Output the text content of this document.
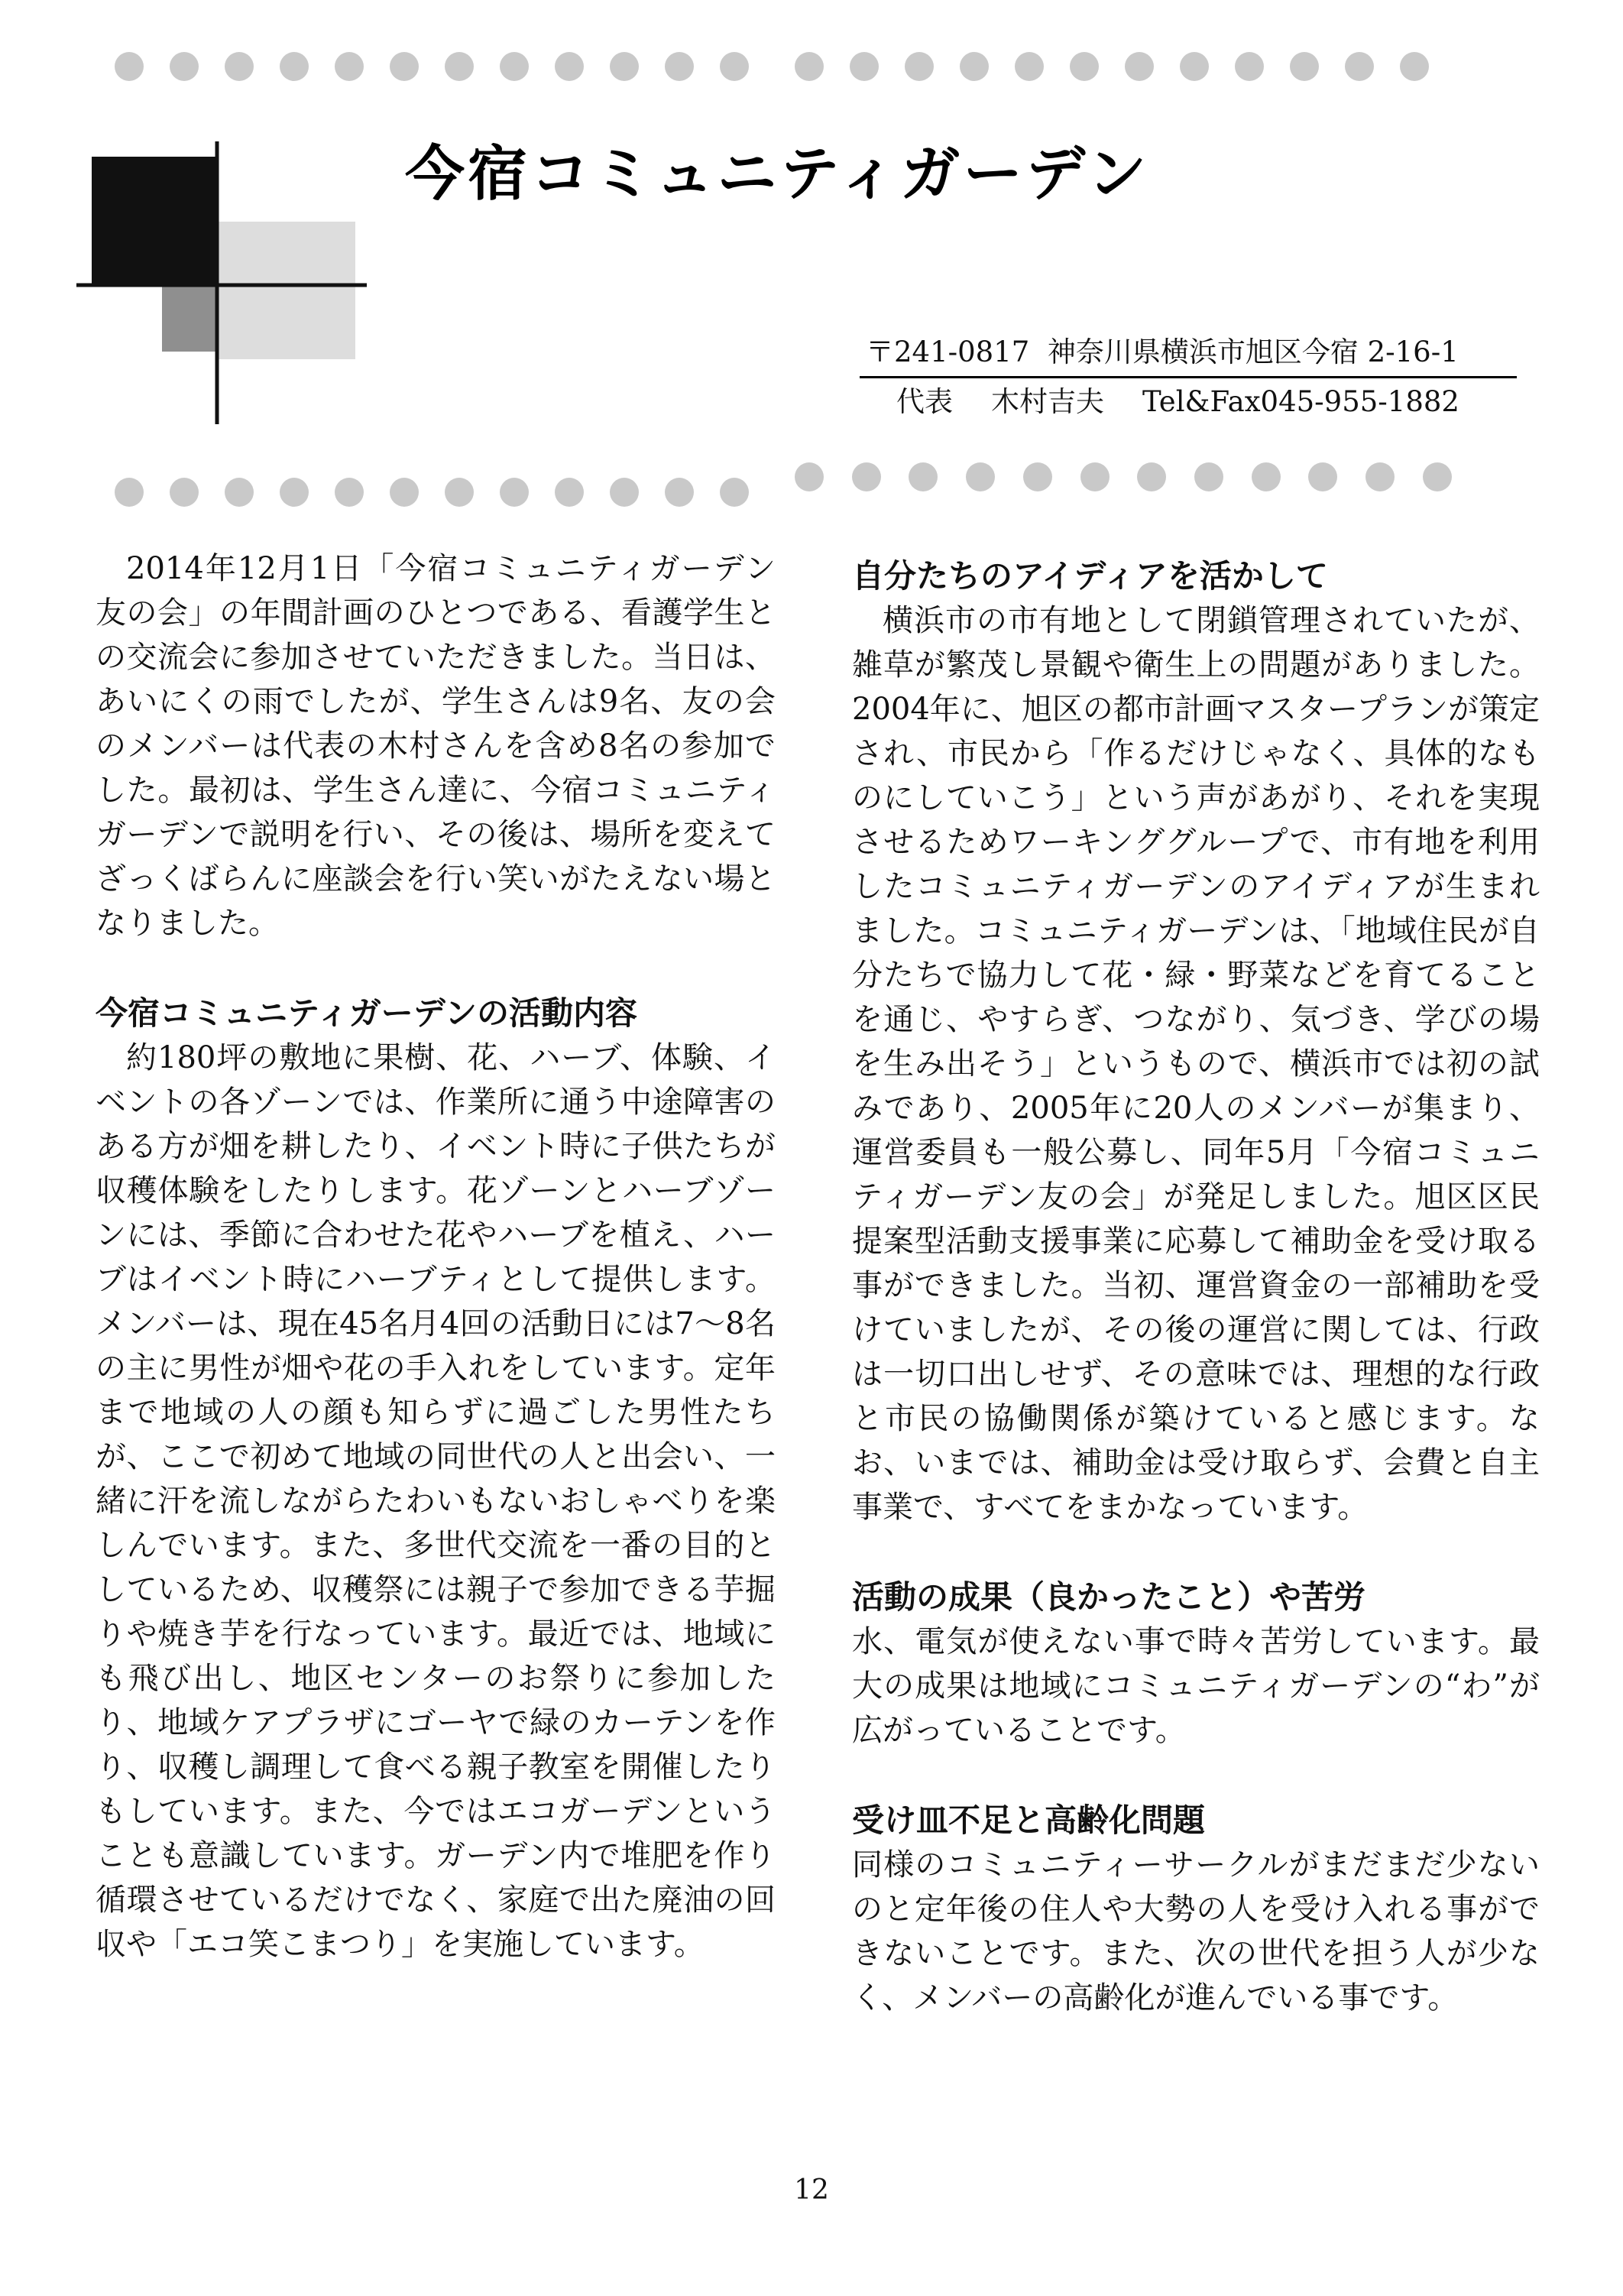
今宿コミュニティガーデン
〒241-0817 神奈川県横浜市旭区今宿 2-16-1
代表 木村吉夫 Tel&Fax045-955-1882

2014年12月1日「今宿コミュニティガーデン友の会」の年間計画のひとつである、看護学生との交流会に参加させていただきました。当日は、あいにくの雨でしたが、学生さんは9名、友の会のメンバーは代表の木村さんを含め8名の参加でした。最初は、学生さん達に、今宿コミュニティガーデンで説明を行い、その後は、場所を変えてざっくばらんに座談会を行い笑いがたえない場となりました。

今宿コミュニティガーデンの活動内容

約180坪の敷地に果樹、花、ハーブ、体験、イベントの各ゾーンでは、作業所に通う中途障害のある方が畑を耕したり、イベント時に子供たちが収穫体験をしたりします。花ゾーンとハーブゾーンには、季節に合わせた花やハーブを植え、ハーブはイベント時にハーブティとして提供します。メンバーは、現在45名月4回の活動日には7～8名の主に男性が畑や花の手入れをしています。定年まで地域の人の顔も知らずに過ごした男性たちが、ここで初めて地域の同世代の人と出会い、一緒に汗を流しながらたわいもないおしゃべりを楽しんでいます。また、多世代交流を一番の目的としているため、収穫祭には親子で参加できる芋掘りや焼き芋を行なっています。最近では、地域にも飛び出し、地区センターのお祭りに参加したり、地域ケアプラザにゴーヤで緑のカーテンを作り、収穫し調理して食べる親子教室を開催したりもしています。また、今ではエコガーデンということも意識しています。ガーデン内で堆肥を作り循環させているだけでなく、家庭で出た廃油の回収や「エコ笑こまつり」を実施しています。

自分たちのアイディアを活かして

横浜市の市有地として閉鎖管理されていたが、雑草が繁茂し景観や衛生上の問題がありました。2004年に、旭区の都市計画マスタープランが策定され、市民から「作るだけじゃなく、具体的なものにしていこう」という声があがり、それを実現させるためワーキンググループで、市有地を利用したコミュニティガーデンのアイディアが生まれました。コミュニティガーデンは、「地域住民が自分たちで協力して花・緑・野菜などを育てることを通じ、やすらぎ、つながり、気づき、学びの場を生み出そう」というもので、横浜市では初の試みであり、2005年に20人のメンバーが集まり、運営委員も一般公募し、同年5月「今宿コミュニティガーデン友の会」が発足しました。旭区区民提案型活動支援事業に応募して補助金を受け取る事ができました。当初、運営資金の一部補助を受けていましたが、その後の運営に関しては、行政は一切口出しせず、その意味では、理想的な行政と市民の協働関係が築けていると感じます。なお、いまでは、補助金は受け取らず、会費と自主事業で、すべてをまかなっています。

活動の成果（良かったこと）や苦労

水、電気が使えない事で時々苦労しています。最大の成果は地域にコミュニティガーデンの“わ”が広がっていることです。

受け皿不足と高齢化問題

同様のコミュニティーサークルがまだまだ少ないのと定年後の住人や大勢の人を受け入れる事ができないことです。また、次の世代を担う人が少なく、メンバーの高齢化が進んでいる事です。

12
